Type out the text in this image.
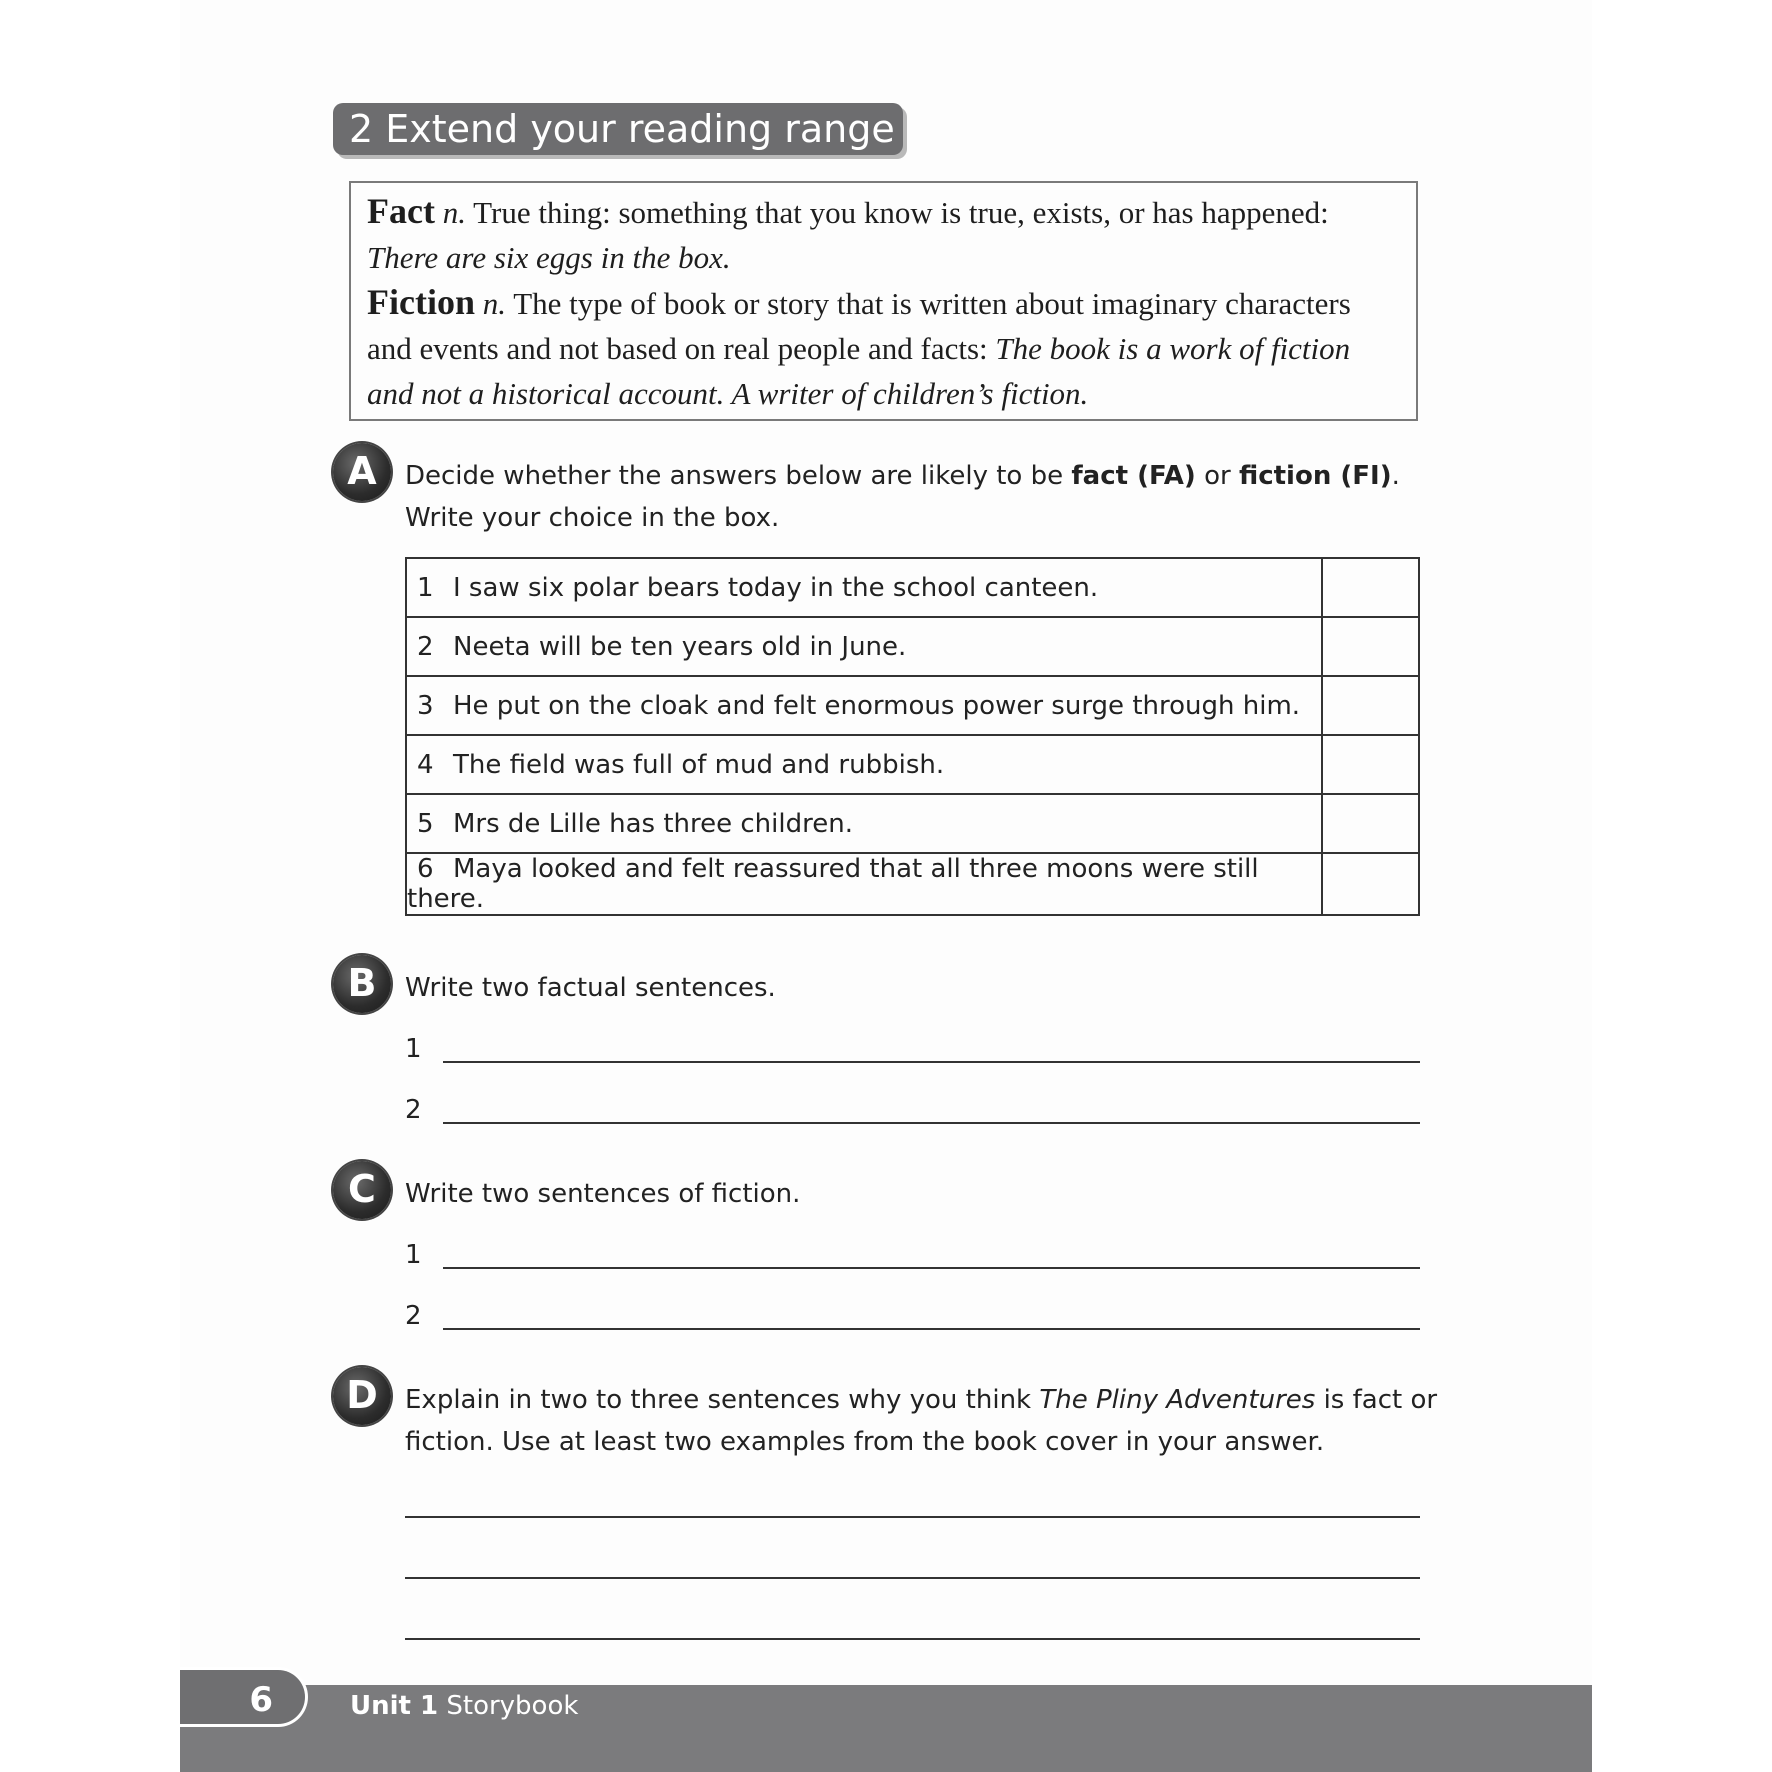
2 Extend your reading range
Fact n. True thing: something that you know is true, exists, or has happened:
There are six eggs in the box.
Fiction n. The type of book or story that is written about imaginary characters and events and not based on real people and facts: The book is a work of fiction and not a historical account. A writer of children’s fiction.
A	Decide whether the answers below are likely to be fact (FA) or fiction (FI).
Write your choice in the box.
1 I saw six polar bears today in the school canteen.	
2 Neeta will be ten years old in June.	
3 He put on the cloak and felt enormous power surge through him.	
4 The field was full of mud and rubbish.	
5 Mrs de Lille has three children.	
6 Maya looked and felt reassured that all three moons were still there.	
B	Write two factual sentences.
1
2
C	Write two sentences of fiction.
1
2
D	Explain in two to three sentences why you think The Pliny Adventures is fact or
fiction. Use at least two examples from the book cover in your answer.
6	Unit 1 Storybook
